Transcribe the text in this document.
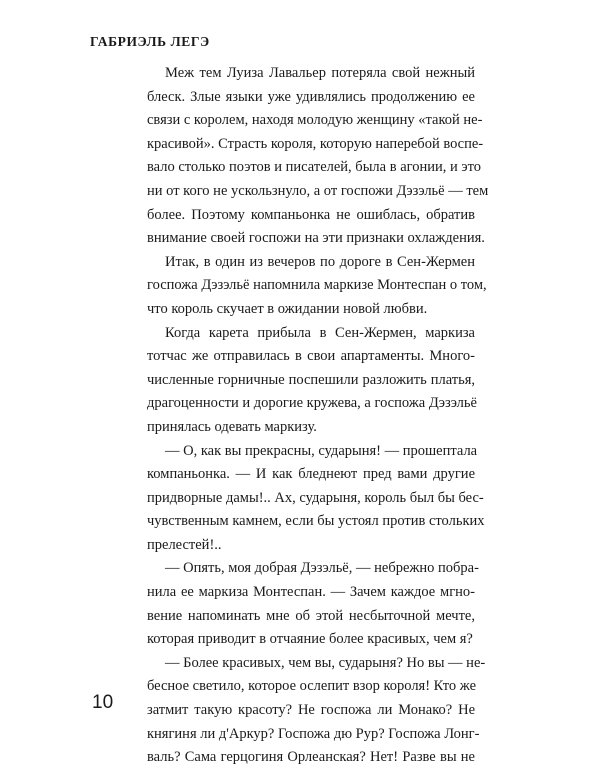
ГАБРИЭЛЬ ЛЕГЭ
Меж тем Луиза Лавальер потеряла свой нежный
блеск. Злые языки уже удивлялись продолжению ее
связи с королем, находя молодую женщину «такой не-
красивой». Страсть короля, которую наперебой воспе-
вало столько поэтов и писателей, была в агонии, и это
ни от кого не ускользнуло, а от госпожи Дэзэльё — тем
более. Поэтому компаньонка не ошиблась, обратив
внимание своей госпожи на эти признаки охлаждения.
Итак, в один из вечеров по дороге в Сен-Жермен
госпожа Дэзэльё напомнила маркизе Монтеспан о том,
что король скучает в ожидании новой любви.
Когда карета прибыла в Сен-Жермен, маркиза
тотчас же отправилась в свои апартаменты. Много-
численные горничные поспешили разложить платья,
драгоценности и дорогие кружева, а госпожа Дэзэльё
принялась одевать маркизу.
— О, как вы прекрасны, сударыня! — прошептала
компаньонка. — И как бледнеют пред вами другие
придворные дамы!.. Ах, сударыня, король был бы бес-
чувственным камнем, если бы устоял против стольких
прелестей!..
— Опять, моя добрая Дэзэльё, — небрежно побра-
нила ее маркиза Монтеспан. — Зачем каждое мгно-
вение напоминать мне об этой несбыточной мечте,
которая приводит в отчаяние более красивых, чем я?
— Более красивых, чем вы, сударыня? Но вы — не-
бесное светило, которое ослепит взор короля! Кто же
затмит такую красоту? Не госпожа ли Монако? Не
княгиня ли д'Аркур? Госпожа дю Рур? Госпожа Лонг-
валь? Сама герцогиня Орлеанская? Нет! Разве вы не
10
